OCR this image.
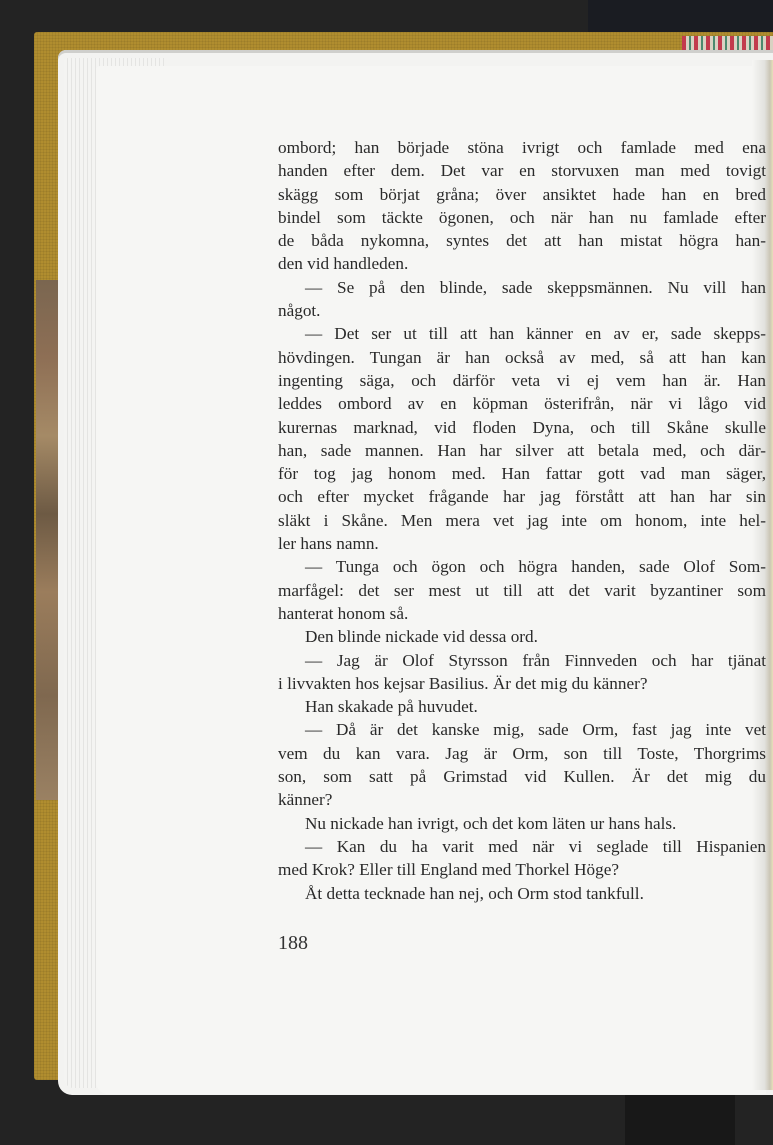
ombord; han började stöna ivrigt och famlade med ena
handen efter dem. Det var en storvuxen man med tovigt
skägg som börjat gråna; över ansiktet hade han en bred
bindel som täckte ögonen, och när han nu famlade efter
de båda nykomna, syntes det att han mistat högra han-
den vid handleden.
— Se på den blinde, sade skeppsmännen. Nu vill han
något.
— Det ser ut till att han känner en av er, sade skepps-
hövdingen. Tungan är han också av med, så att han kan
ingenting säga, och därför veta vi ej vem han är. Han
leddes ombord av en köpman österifrån, när vi lågo vid
kurernas marknad, vid floden Dyna, och till Skåne skulle
han, sade mannen. Han har silver att betala med, och där-
för tog jag honom med. Han fattar gott vad man säger,
och efter mycket frågande har jag förstått att han har sin
släkt i Skåne. Men mera vet jag inte om honom, inte hel-
ler hans namn.
— Tunga och ögon och högra handen, sade Olof Som-
marfågel: det ser mest ut till att det varit byzantiner som
hanterat honom så.
Den blinde nickade vid dessa ord.
— Jag är Olof Styrsson från Finnveden och har tjänat
i livvakten hos kejsar Basilius. Är det mig du känner?
Han skakade på huvudet.
— Då är det kanske mig, sade Orm, fast jag inte vet
vem du kan vara. Jag är Orm, son till Toste, Thorgrims
son, som satt på Grimstad vid Kullen. Är det mig du
känner?
Nu nickade han ivrigt, och det kom läten ur hans hals.
— Kan du ha varit med när vi seglade till Hispanien
med Krok? Eller till England med Thorkel Höge?
Åt detta tecknade han nej, och Orm stod tankfull.
188
